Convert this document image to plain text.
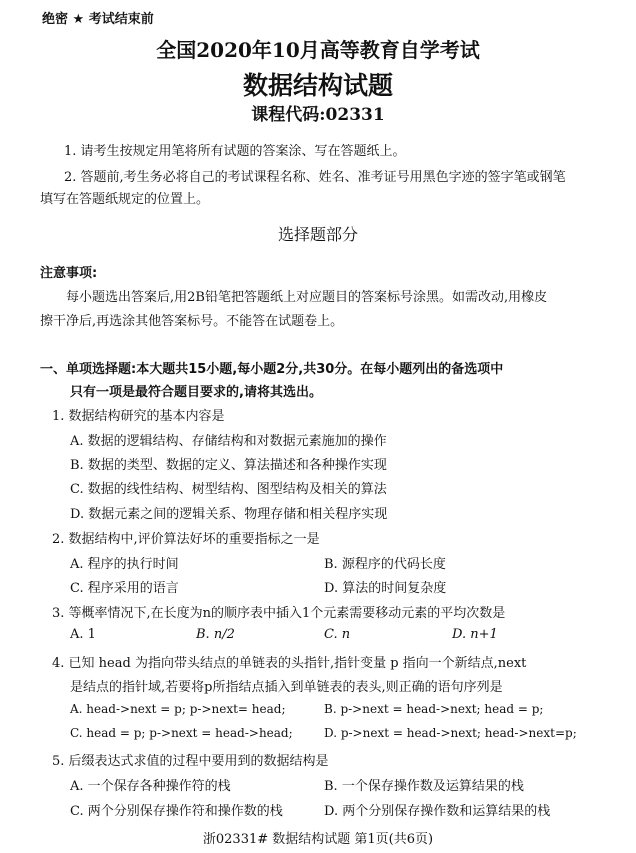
绝密 ★ 考试结束前
全国2020年10月高等教育自学考试
数据结构试题
课程代码:02331
1. 请考生按规定用笔将所有试题的答案涂、写在答题纸上。
2. 答题前,考生务必将自己的考试课程名称、姓名、准考证号用黑色字迹的签字笔或钢笔
填写在答题纸规定的位置上。
选择题部分
注意事项:
每小题选出答案后,用2B铅笔把答题纸上对应题目的答案标号涂黑。如需改动,用橡皮
擦干净后,再选涂其他答案标号。不能答在试题卷上。
一、单项选择题:本大题共15小题,每小题2分,共30分。在每小题列出的备选项中
只有一项是最符合题目要求的,请将其选出。
1. 数据结构研究的基本内容是
A. 数据的逻辑结构、存储结构和对数据元素施加的操作
B. 数据的类型、数据的定义、算法描述和各种操作实现
C. 数据的线性结构、树型结构、图型结构及相关的算法
D. 数据元素之间的逻辑关系、物理存储和相关程序实现
2. 数据结构中,评价算法好坏的重要指标之一是
A. 程序的执行时间	B. 源程序的代码长度
C. 程序采用的语言	D. 算法的时间复杂度
3. 等概率情况下,在长度为n的顺序表中插入1个元素需要移动元素的平均次数是
A. 1	B. n/2	C. n	D. n+1
4. 已知 head 为指向带头结点的单链表的头指针,指针变量 p 指向一个新结点,next
是结点的指针域,若要将p所指结点插入到单链表的表头,则正确的语句序列是
A. head->next = p; p->next= head;	B. p->next = head->next; head = p;
C. head = p; p->next = head->head;	D. p->next = head->next; head->next=p;
5. 后缀表达式求值的过程中要用到的数据结构是
A. 一个保存各种操作符的栈	B. 一个保存操作数及运算结果的栈
C. 两个分别保存操作符和操作数的栈	D. 两个分别保存操作数和运算结果的栈
浙02331# 数据结构试题 第1页(共6页)
